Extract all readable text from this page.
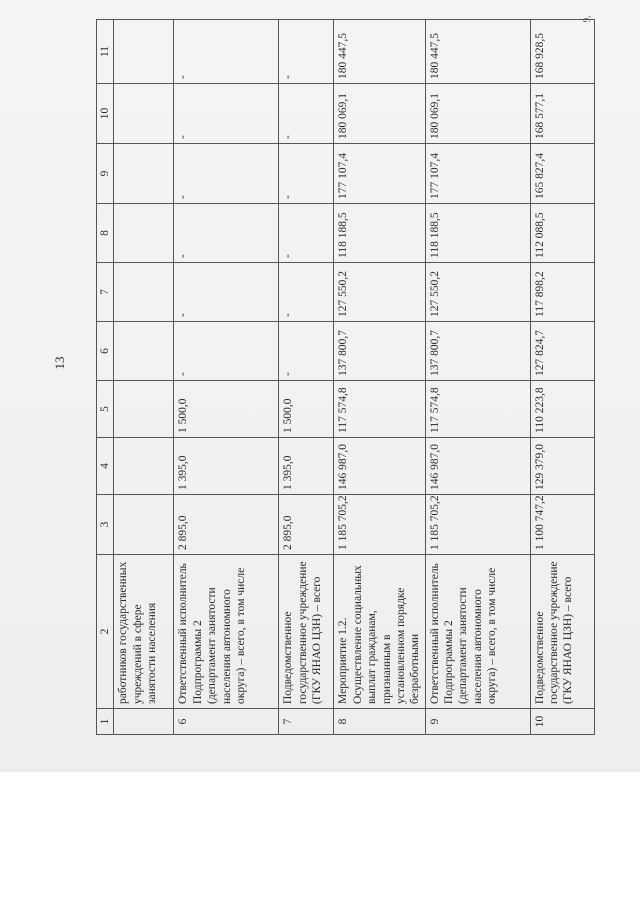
13
9,
1	2	3	4	5	6	7	8	9	10	11
	работников государственных учреждений в сфере занятости населения									
6	Ответственный исполнитель Подпрограммы 2 (департамент занятости населения автономного округа) – всего, в том числе	2 895,0	1 395,0	1 500,0	-	-	-	-	-	-
7	Подведомственное государственное учреждение (ГКУ ЯНАО ЦЗН) – всего	2 895,0	1 395,0	1 500,0	-	-	-	-	-	-
8	Мероприятие 1.2. Осуществление социальных выплат гражданам, признанным в установленном порядке безработными	1 185 705,2	146 987,0	117 574,8	137 800,7	127 550,2	118 188,5	177 107,4	180 069,1	180 447,5
9	Ответственный исполнитель Подпрограммы 2 (департамент занятости населения автономного округа) – всего, в том числе	1 185 705,2	146 987,0	117 574,8	137 800,7	127 550,2	118 188,5	177 107,4	180 069,1	180 447,5
10	Подведомственное государственное учреждение (ГКУ ЯНАО ЦЗН) – всего	1 100 747,2	129 379,0	110 223,8	127 824,7	117 898,2	112 088,5	165 827,4	168 577,1	168 928,5
